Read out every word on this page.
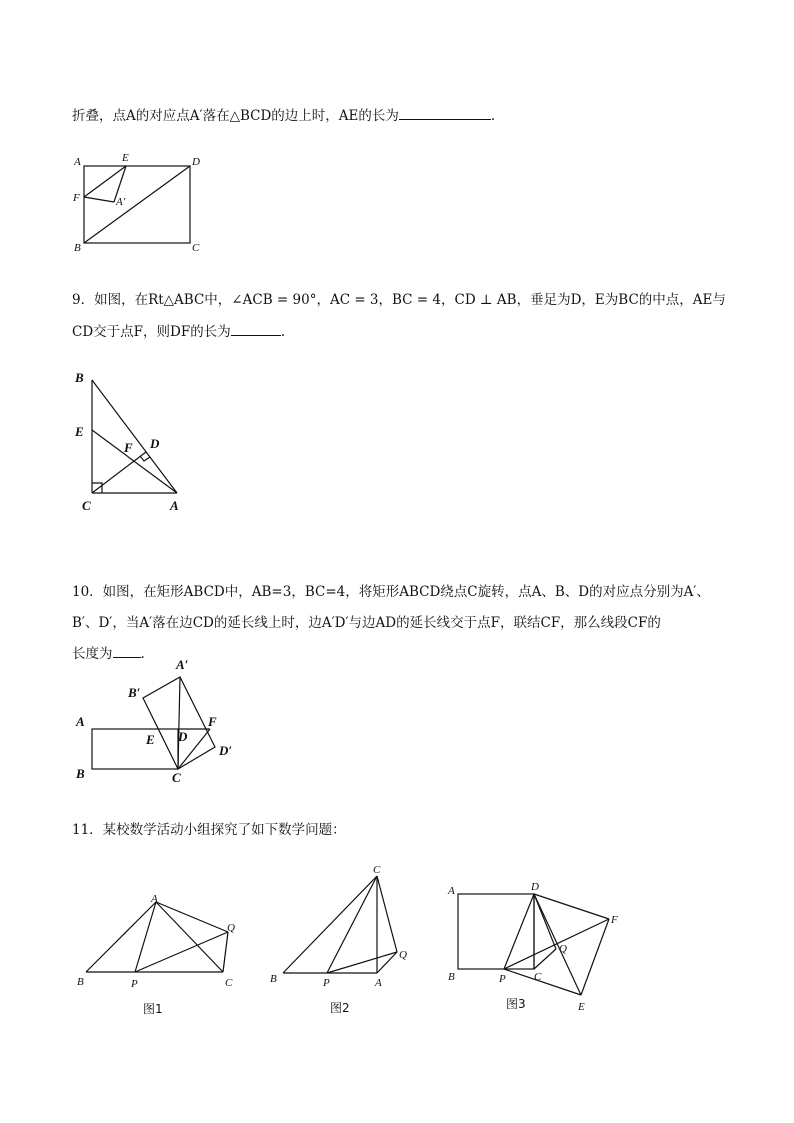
折叠，点A的对应点A′落在△BCD的边上时，AE的长为	.
A	E	D
F	A′
B	C
9．如图，在Rt△ABC中，∠ACB = 90°，AC = 3，BC = 4，CD ⊥ AB，垂足为D，E为BC的中点，AE与
CD交于点F，则DF的长为	.
B
E
F D
C	A
10．如图，在矩形ABCD中，AB=3，BC=4，将矩形ABCD绕点C旋转，点A、B、D的对应点分别为A′、
B′、D′，当A′落在边CD的延长线上时，边A′D′与边AD的延长线交于点F，联结CF，那么线段CF的
长度为 .
A′
B′
A
E D
F
D′
B	C
11．某校数学活动小组探究了如下数学问题：
A
Q
B	P	C
图1
C
Q
B	P	A
图2
A	D
F
Q
B	P	C
E
图3
